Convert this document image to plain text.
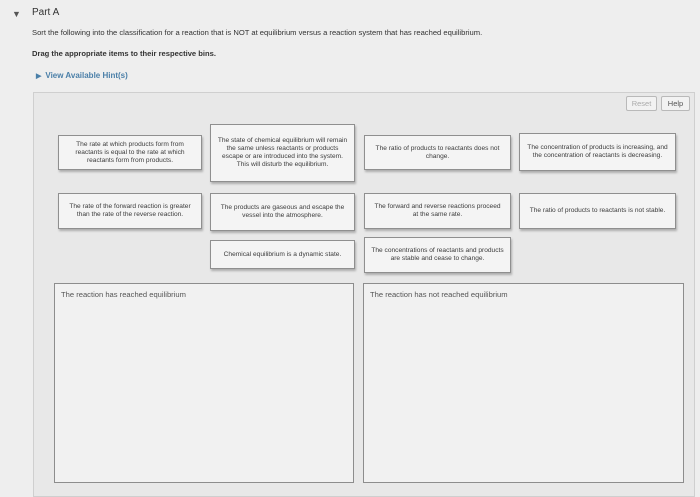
▼ Part A
Sort the following into the classification for a reaction that is NOT at equilibrium versus a reaction system that has reached equilibrium.
Drag the appropriate items to their respective bins.
▶ View Available Hint(s)
Reset	Help
The rate at which products form from reactants is equal to the rate at which reactants form from products.
The state of chemical equilibrium will remain the same unless reactants or products escape or are introduced into the system. This will disturb the equilibrium.
The ratio of products to reactants does not change.
The concentration of products is increasing, and the concentration of reactants is decreasing.
The rate of the forward reaction is greater than the rate of the reverse reaction.
The products are gaseous and escape the vessel into the atmosphere.
The forward and reverse reactions proceed at the same rate.
The ratio of products to reactants is not stable.
Chemical equilibrium is a dynamic state.	The concentrations of reactants and products are stable and cease to change.
The reaction has reached equilibrium	The reaction has not reached equilibrium
